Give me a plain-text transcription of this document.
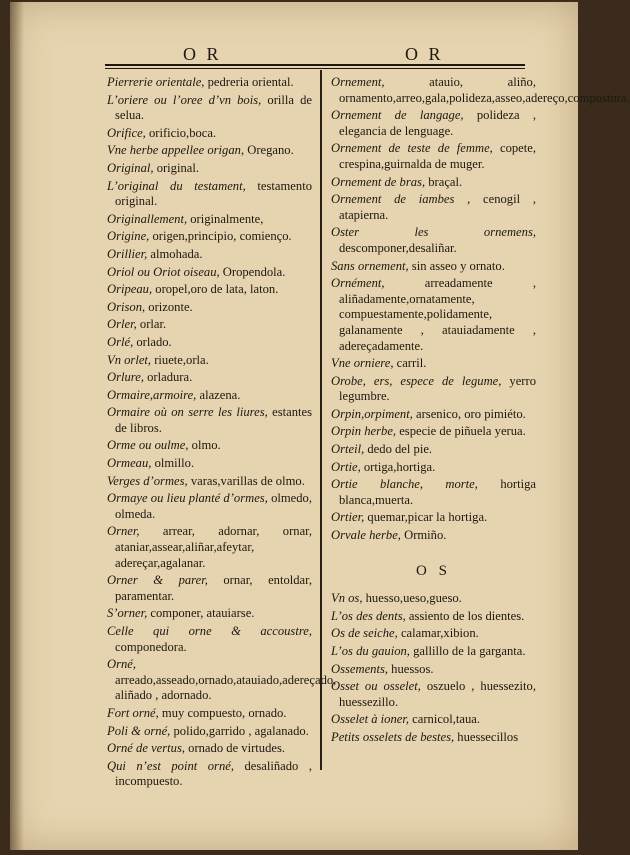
O R	O R

Pierrerie orientale, pedreria oriental.

L’oriere ou l’oree d’vn bois, orilla de selua.

Orifice, orificio,boca.

Vne herbe appellee origan, Oregano.

Original, original.

L’original du testament, testamento original.

Originallement, originalmente,

Origine, origen,principio, comienço.

Orillier, almohada.

Oriol ou Oriot oiseau, Oropendola.

Oripeau, oropel,oro de lata, laton.

Orison, orizonte.

Orler, orlar.

Orlé, orlado.

Vn orlet, riuete,orla.

Orlure, orladura.

Ormaire,armoire, alazena.

Ormaire où on serre les liures, estantes de libros.

Orme ou oulme, olmo.

Ormeau, olmillo.

Verges d’ormes, varas,varillas de olmo.

Ormaye ou lieu planté d’ormes, olmedo, olmeda.

Orner, arrear, adornar, ornar, ataniar,assear,aliñar,afeytar, adereçar,agalanar.

Orner & parer, ornar, entoldar, paramentar.

S’orner, componer, atauiarse.

Celle qui orne & accoustre, componedora.

Orné, arreado,asseado,ornado,atauiado,adereçado, aliñado , adornado.

Fort orné, muy compuesto, ornado.

Poli & orné, polido,garrido , agalanado.

Orné de vertus, ornado de virtudes.

Qui n’est point orné, desaliñado , incompuesto.

Ornement, atauio, aliño, ornamento,arreo,gala,polideza,asseo,adereço,compostura.

Ornement de langage, polideza , elegancia de lenguage.

Ornement de teste de femme, copete, crespina,guirnalda de muger.

Ornement de bras, braçal.

Ornement de iambes , cenogil , atapierna.

Oster les ornemens, descomponer,desaliñar.

Sans ornement, sin asseo y ornato.

Ornément, arreadamente , aliñadamente,ornatamente, compuestamente,polidamente, galanamente , atauiadamente , adereçadamente.

Vne orniere, carril.

Orobe, ers, espece de legume, yerro legumbre.

Orpin,orpiment, arsenico, oro pimiéto.

Orpin herbe, especie de piñuela yerua.

Orteil, dedo del pie.

Ortie, ortiga,hortiga.

Ortie blanche, morte, hortiga blanca,muerta.

Ortier, quemar,picar la hortiga.

Orvale herbe, Ormiño.

O S

Vn os, huesso,ueso,gueso.

L’os des dents, assiento de los dientes.

Os de seiche, calamar,xibion.

L’os du gauion, gallillo de la garganta.

Ossements, huessos.

Osset ou osselet, oszuelo , huessezito, huessezillo.

Osselet à ioner, carnicol,taua.

Petits osselets de bestes, huessecillos
